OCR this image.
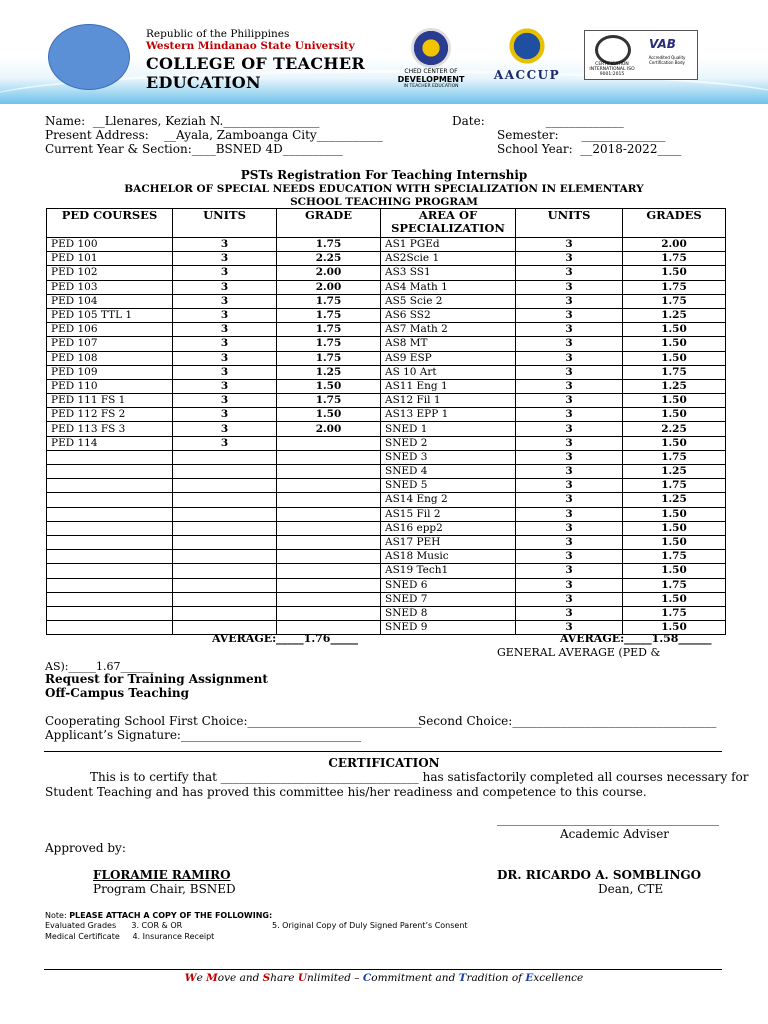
Republic of the Philippines
Western Mindanao State University
COLLEGE OF TEACHER
EDUCATION
CHED CENTER OF
DEVELOPMENT
IN TEACHER EDUCATION
AACCUP
CERTIFICATION INTERNATIONAL ISO 9001:2015
VAB
Accredited Quality Certification Body
Name:  __Llenares, Keziah N.________________
Present Address:    __Ayala, Zamboanga City___________
Current Year & Section:____BSNED 4D__________
Date:                _____________
Semester:      ______________
School Year:  __2018-2022____
PSTs Registration For Teaching Internship
BACHELOR OF SPECIAL NEEDS EDUCATION WITH SPECIALIZATION IN ELEMENTARY
SCHOOL TEACHING PROGRAM
PED COURSES	UNITS	GRADE	AREA OF SPECIALIZATION	UNITS	GRADES
PED 100	3	1.75	AS1 PGEd	3	2.00
PED 101	3	2.25	AS2Scie 1	3	1.75
PED 102	3	2.00	AS3 SS1	3	1.50
PED 103	3	2.00	AS4 Math 1	3	1.75
PED 104	3	1.75	AS5 Scie 2	3	1.75
PED 105 TTL 1	3	1.75	AS6 SS2	3	1.25
PED 106	3	1.75	AS7 Math 2	3	1.50
PED 107	3	1.75	AS8 MT	3	1.50
PED 108	3	1.75	AS9 ESP	3	1.50
PED 109	3	1.25	AS 10 Art	3	1.75
PED 110	3	1.50	AS11 Eng 1	3	1.25
PED 111 FS 1	3	1.75	AS12 Fil 1	3	1.50
PED 112 FS 2	3	1.50	AS13 EPP 1	3	1.50
PED 113 FS 3	3	2.00	SNED 1	3	2.25
PED 114	3		SNED 2	3	1.50
			SNED 3	3	1.75
			SNED 4	3	1.25
			SNED 5	3	1.75
			AS14 Eng 2	3	1.25
			AS15 Fil 2	3	1.50
			AS16 epp2	3	1.50
			AS17 PEH	3	1.50
			AS18 Music	3	1.75
			AS19 Tech1	3	1.50
			SNED 6	3	1.75
			SNED 7	3	1.50
			SNED 8	3	1.75
			SNED 9	3	1.50
AVERAGE:_____1.76_____	AVERAGE:_____1.58______
GENERAL AVERAGE (PED &
AS):_____1.67______
Request for Training Assignment
Off-Campus Teaching
Cooperating School First Choice:_____________________________
Second Choice:__________________________________
Applicant’s Signature:______________________________
CERTIFICATION
This is to certify that _________________________________ has satisfactorily completed all courses necessary for
Student Teaching and has proved this committee his/her readiness and competence to this course.
_____________________________________
Academic Adviser
Approved by:
FLORAMIE RAMIRO
Program Chair, BSNED
DR. RICARDO A. SOMBLINGO
Dean, CTE
Note: PLEASE ATTACH A COPY OF THE FOLLOWING:
Evaluated Grades      3. COR & OR	5. Original Copy of Duly Signed Parent’s Consent
Medical Certificate     4. Insurance Receipt
We Move and Share Unlimited – Commitment and Tradition of Excellence
